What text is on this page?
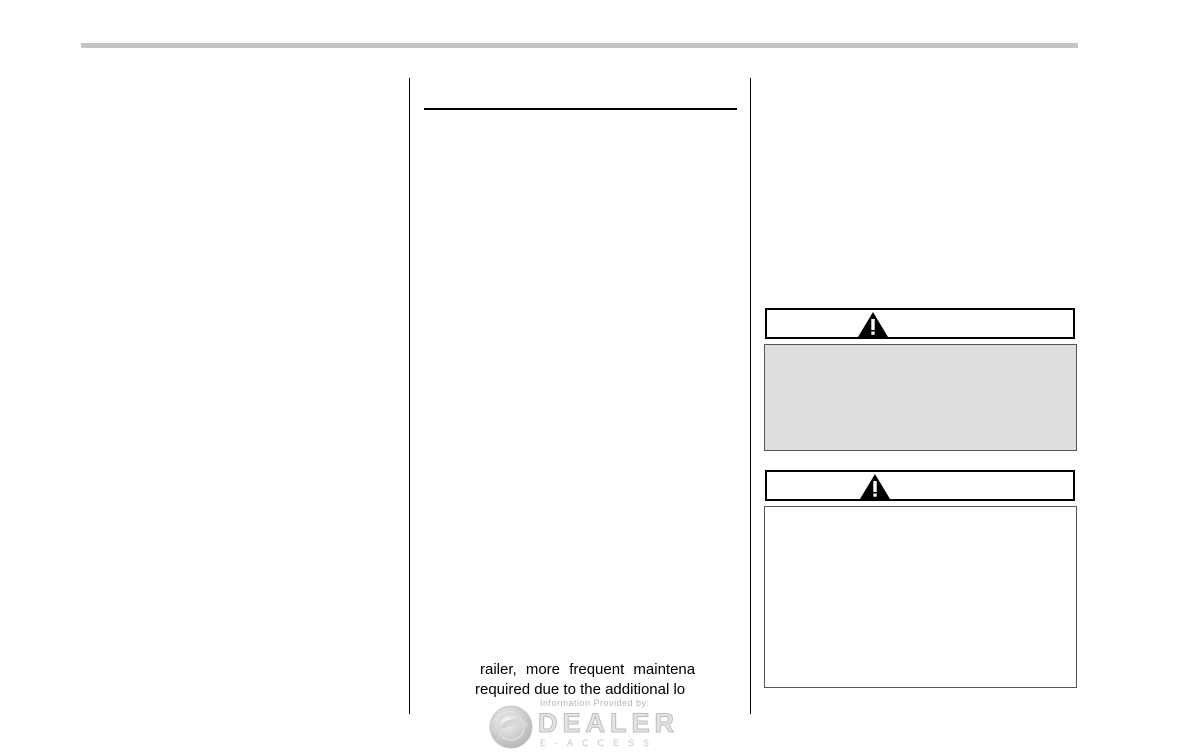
railer, more frequent maintena
required due to the additional lo
Information Provided by:
DEALER
E-ACCESS
